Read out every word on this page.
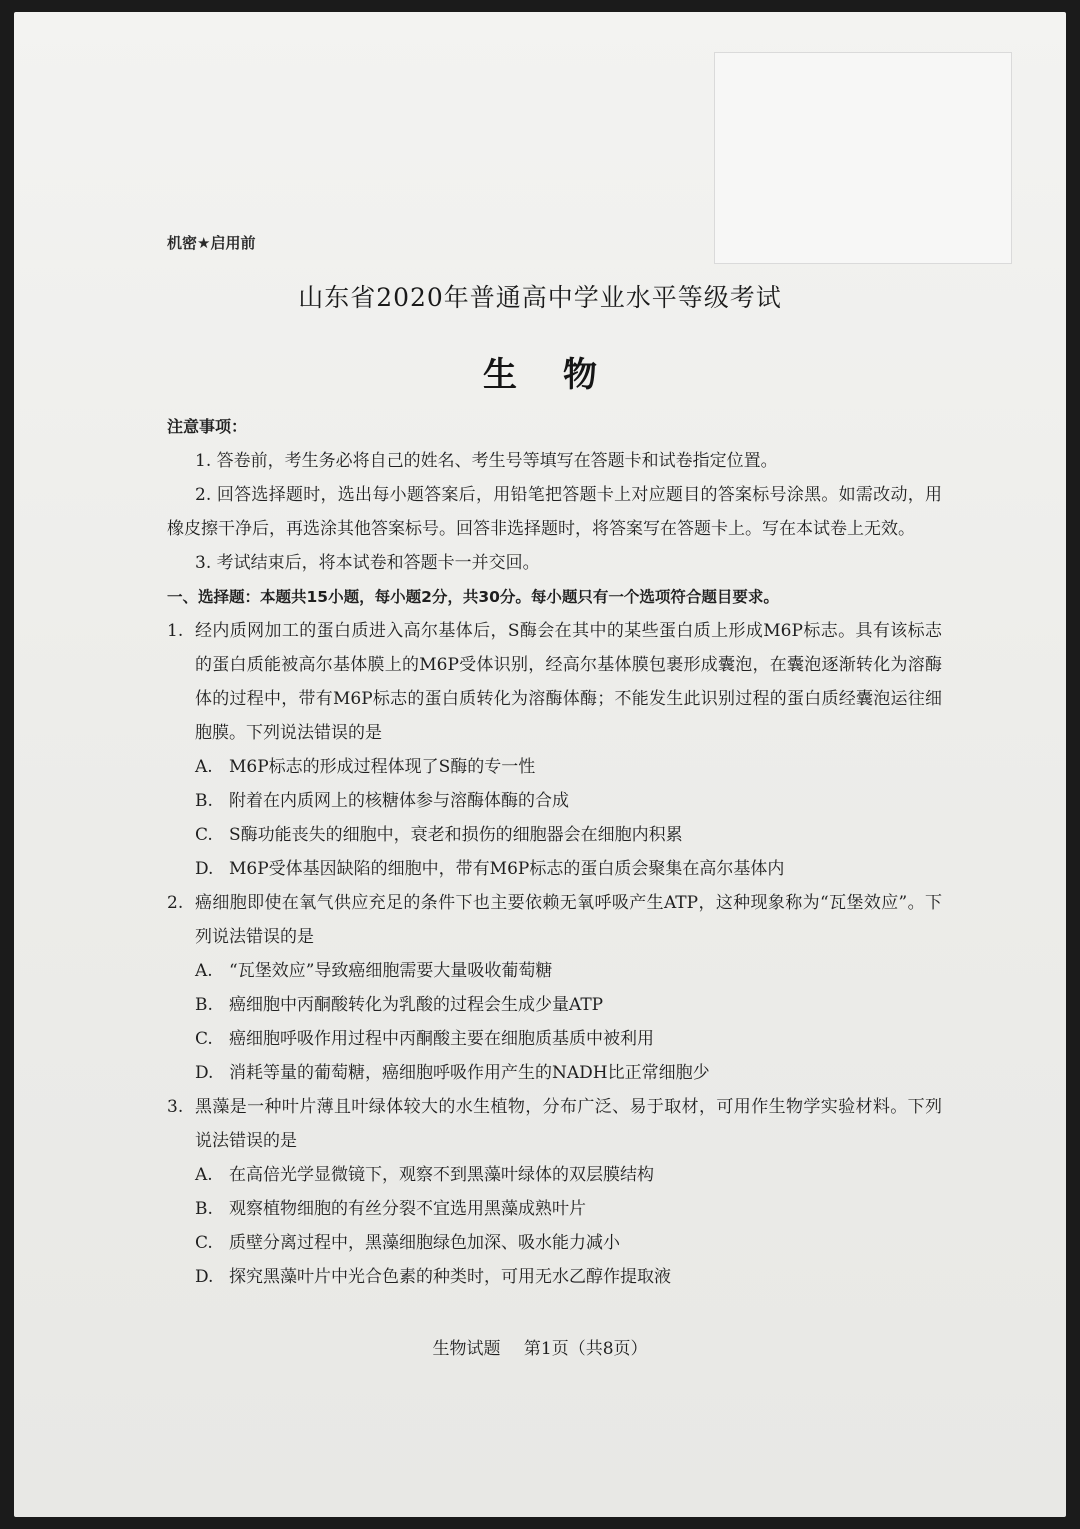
机密★启用前
山东省2020年普通高中学业水平等级考试
生物
注意事项：
1. 答卷前，考生务必将自己的姓名、考生号等填写在答题卡和试卷指定位置。
2. 回答选择题时，选出每小题答案后，用铅笔把答题卡上对应题目的答案标号涂黑。如需改动，用橡皮擦干净后，再选涂其他答案标号。回答非选择题时，将答案写在答题卡上。写在本试卷上无效。
3. 考试结束后，将本试卷和答题卡一并交回。
一、选择题：本题共15小题，每小题2分，共30分。每小题只有一个选项符合题目要求。
1. 经内质网加工的蛋白质进入高尔基体后，S酶会在其中的某些蛋白质上形成M6P标志。具有该标志的蛋白质能被高尔基体膜上的M6P受体识别，经高尔基体膜包裹形成囊泡，在囊泡逐渐转化为溶酶体的过程中，带有M6P标志的蛋白质转化为溶酶体酶；不能发生此识别过程的蛋白质经囊泡运往细胞膜。下列说法错误的是
A. M6P标志的形成过程体现了S酶的专一性
B. 附着在内质网上的核糖体参与溶酶体酶的合成
C. S酶功能丧失的细胞中，衰老和损伤的细胞器会在细胞内积累
D. M6P受体基因缺陷的细胞中，带有M6P标志的蛋白质会聚集在高尔基体内
2. 癌细胞即使在氧气供应充足的条件下也主要依赖无氧呼吸产生ATP，这种现象称为“瓦堡效应”。下列说法错误的是
A. “瓦堡效应”导致癌细胞需要大量吸收葡萄糖
B. 癌细胞中丙酮酸转化为乳酸的过程会生成少量ATP
C. 癌细胞呼吸作用过程中丙酮酸主要在细胞质基质中被利用
D. 消耗等量的葡萄糖，癌细胞呼吸作用产生的NADH比正常细胞少
3. 黑藻是一种叶片薄且叶绿体较大的水生植物，分布广泛、易于取材，可用作生物学实验材料。下列说法错误的是
A. 在高倍光学显微镜下，观察不到黑藻叶绿体的双层膜结构
B. 观察植物细胞的有丝分裂不宜选用黑藻成熟叶片
C. 质壁分离过程中，黑藻细胞绿色加深、吸水能力减小
D. 探究黑藻叶片中光合色素的种类时，可用无水乙醇作提取液
生物试题 第1页（共8页）
